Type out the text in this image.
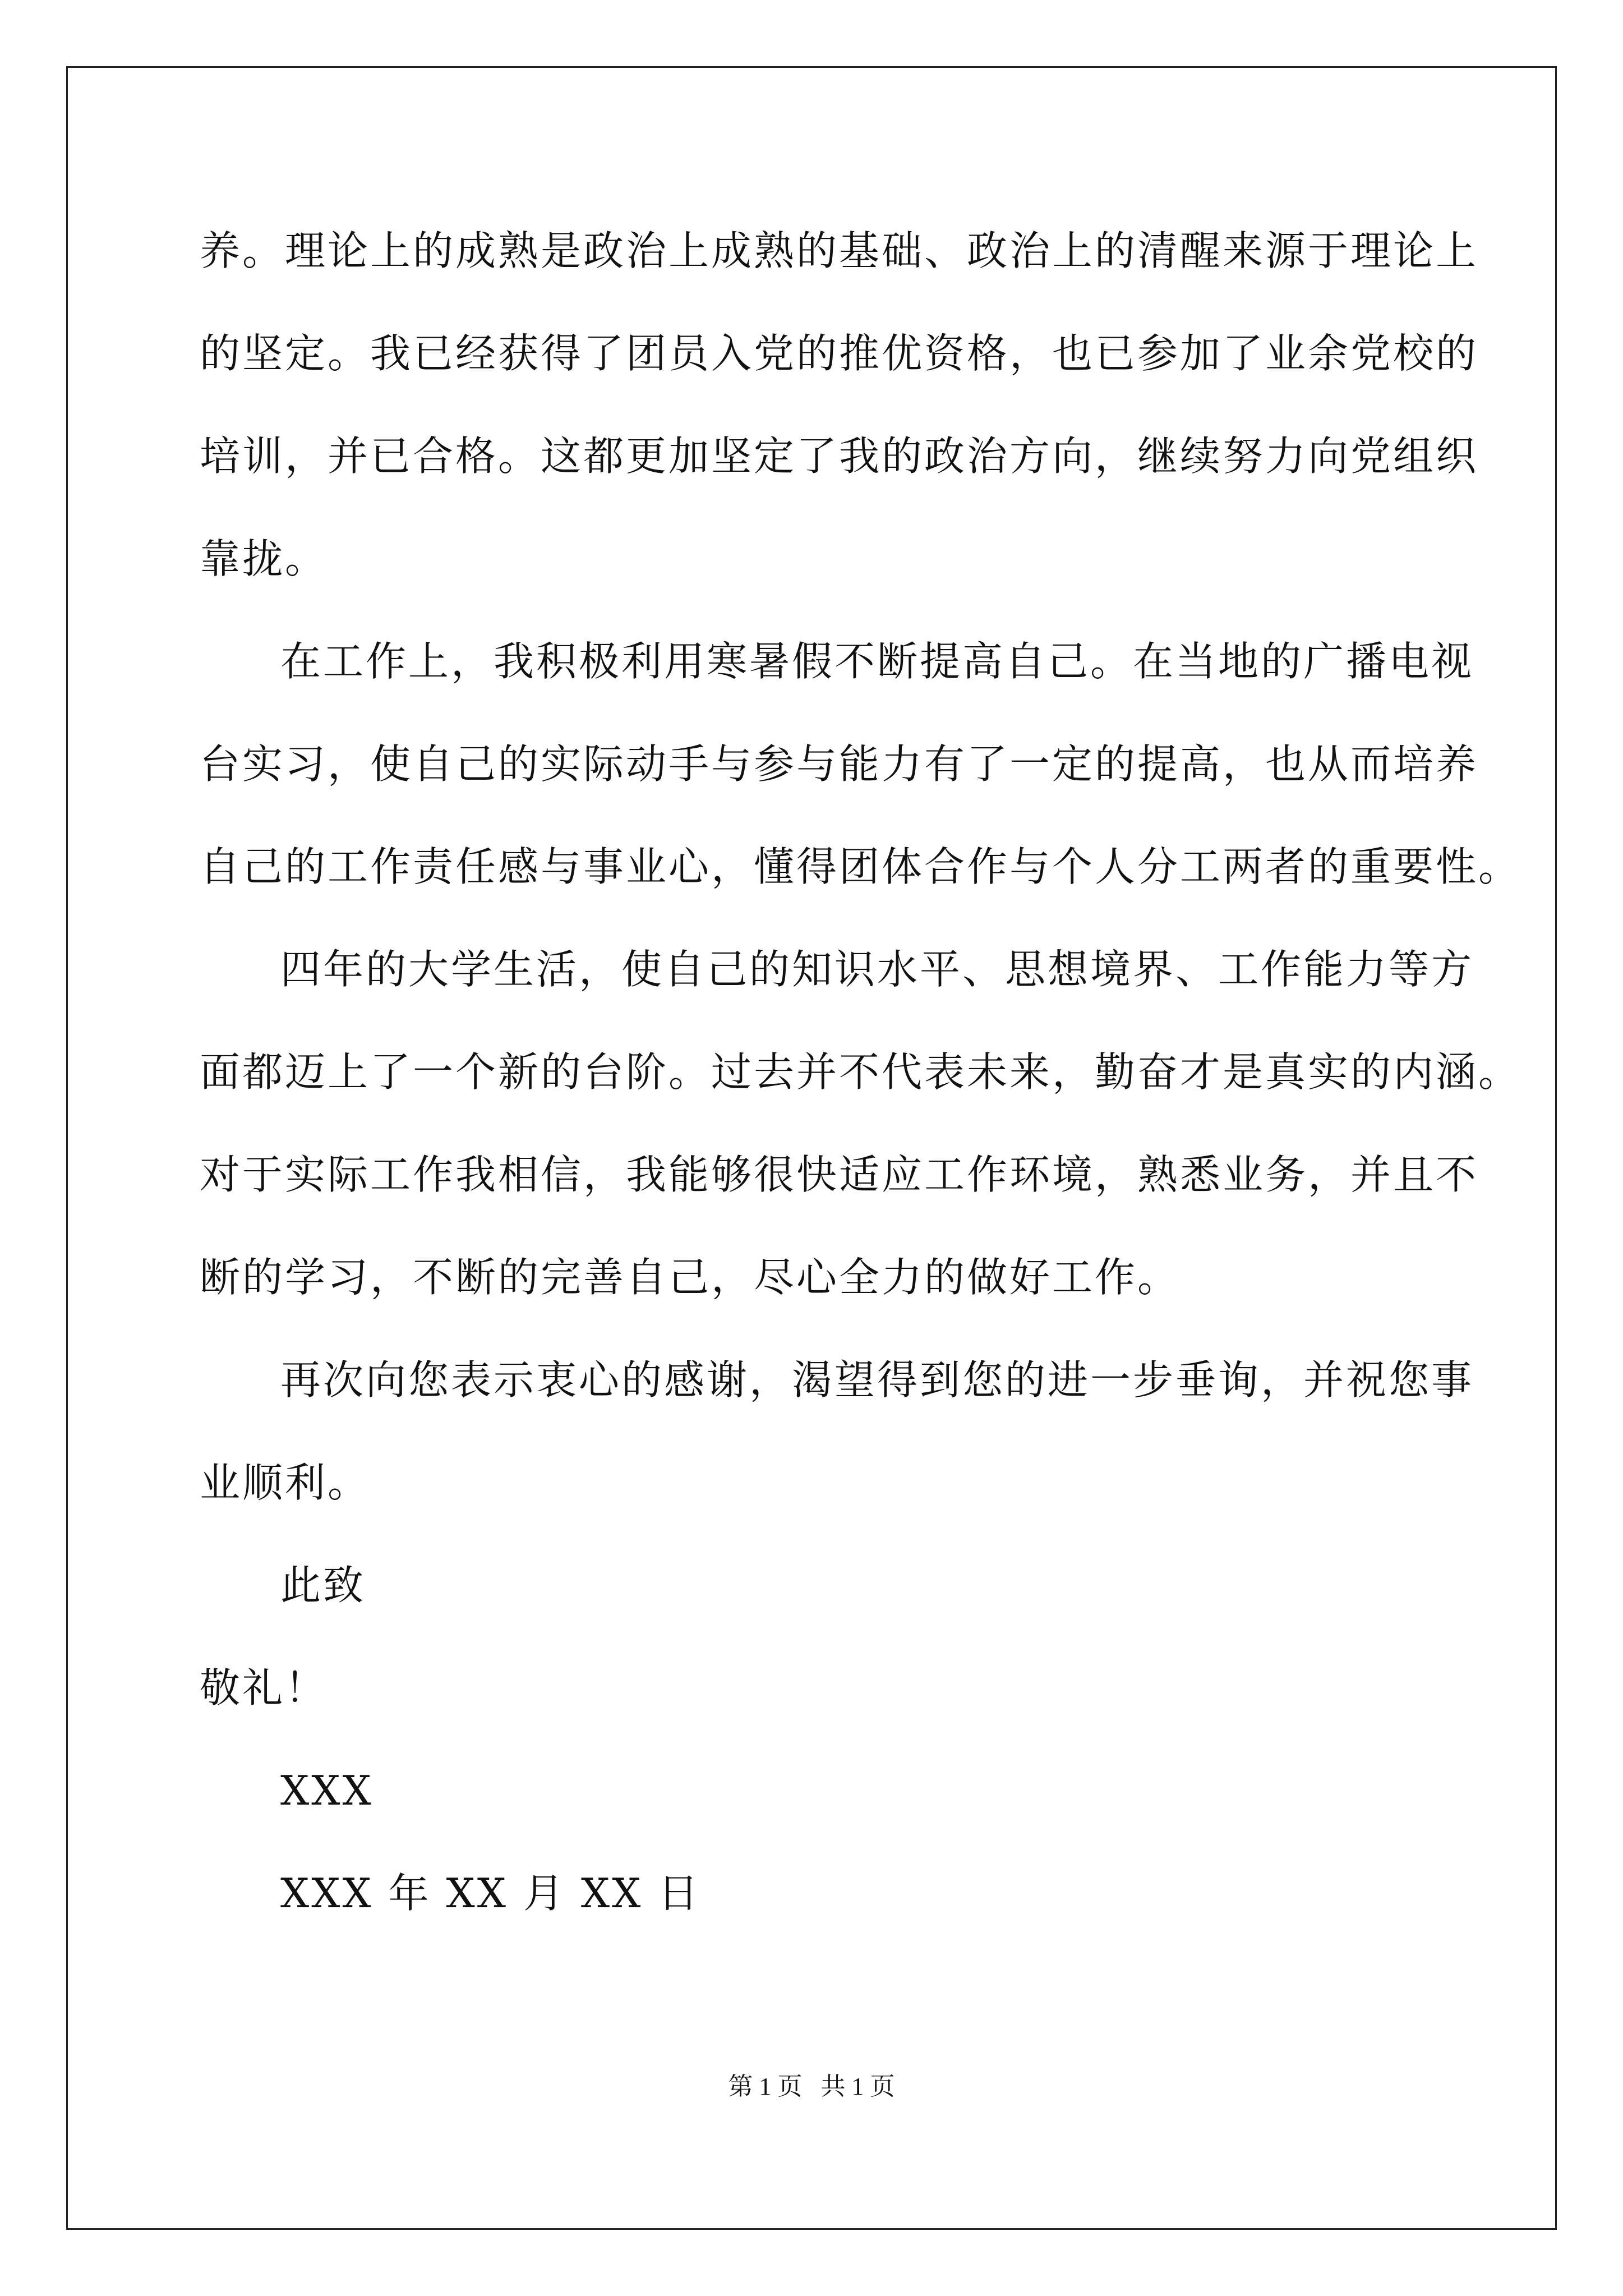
养。理论上的成熟是政治上成熟的基础、政治上的清醒来源于理论上
的坚定。我已经获得了团员入党的推优资格，也已参加了业余党校的
培训，并已合格。这都更加坚定了我的政治方向，继续努力向党组织
靠拢。
在工作上，我积极利用寒暑假不断提高自己。在当地的广播电视
台实习，使自己的实际动手与参与能力有了一定的提高，也从而培养
自己的工作责任感与事业心，懂得团体合作与个人分工两者的重要性。
四年的大学生活，使自己的知识水平、思想境界、工作能力等方
面都迈上了一个新的台阶。过去并不代表未来，勤奋才是真实的内涵。
对于实际工作我相信，我能够很快适应工作环境，熟悉业务，并且不
断的学习，不断的完善自己，尽心全力的做好工作。
再次向您表示衷心的感谢，渴望得到您的进一步垂询，并祝您事
业顺利。
此致
敬礼！
XXX
XXX 年 XX 月 XX 日
第 1 页   共 1 页
